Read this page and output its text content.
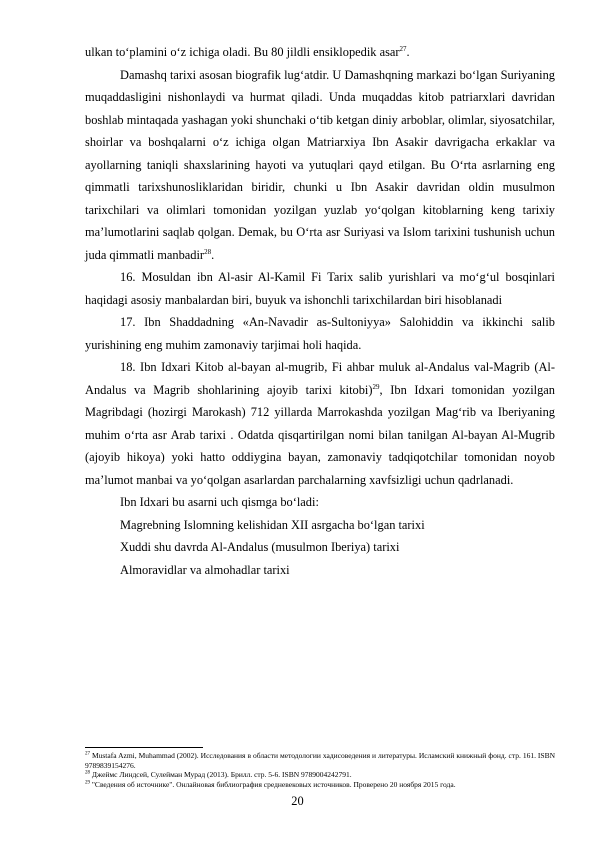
ulkan to‘plamini o‘z ichiga oladi. Bu 80 jildli ensiklopedik asar$^{27}$.

Damashq tarixi asosan biografik lug‘atdir. U Damashqning markazi bo‘lgan Suriyaning muqaddasligini nishonlaydi va hurmat qiladi. Unda muqaddas kitob patriarxlari davridan boshlab mintaqada yashagan yoki shunchaki o‘tib ketgan diniy arboblar, olimlar, siyosatchilar, shoirlar va boshqalarni o‘z ichiga olgan Matriarxiya Ibn Asakir davrigacha erkaklar va ayollarning taniqli shaxslarining hayoti va yutuqlari qayd etilgan. Bu O‘rta asrlarning eng qimmatli tarixshunosliklaridan biridir, chunki u Ibn Asakir davridan oldin musulmon tarixchilari va olimlari tomonidan yozilgan yuzlab yo‘qolgan kitoblarning keng tarixiy ma’lumotlarini saqlab qolgan. Demak, bu O‘rta asr Suriyasi va Islom tarixini tushunish uchun juda qimmatli manbadir$^{28}$.

16. Mosuldan ibn Al-asir Al-Kamil Fi Tarix salib yurishlari va mo‘g‘ul bosqinlari haqidagi asosiy manbalardan biri, buyuk va ishonchli tarixchilardan biri hisoblanadi

17. Ibn Shaddadning «An-Navadir as-Sultoniyya» Salohiddin va ikkinchi salib yurishining eng muhim zamonaviy tarjimai holi haqida.

18. Ibn Idxari Kitob al-bayan al-mugrib, Fi ahbar muluk al-Andalus val-Magrib (Al-Andalus va Magrib shohlarining ajoyib tarixi kitobi)$^{29}$, Ibn Idxari tomonidan yozilgan Magribdagi (hozirgi Marokash) 712 yillarda Marrokashda yozilgan Mag‘rib va Iberiyaning muhim o‘rta asr Arab tarixi . Odatda qisqartirilgan nomi bilan tanilgan Al-bayan Al-Mugrib (ajoyib hikoya) yoki hatto oddiygina bayan, zamonaviy tadqiqotchilar tomonidan noyob ma’lumot manbai va yo‘qolgan asarlardan parchalarning xavfsizligi uchun qadrlanadi.

Ibn Idxari bu asarni uch qismga bo‘ladi:

Magrebning Islomning kelishidan XII asrgacha bo‘lgan tarixi

Xuddi shu davrda Al-Andalus (musulmon Iberiya) tarixi

Almoravidlar va almohadlar tarixi

$^{27}$ Mustafa Azmi, Muhammad (2002). Исследования в области методологии хадисоведения и литературы. Исламский книжный фонд. стр. 161. ISBN 9789839154276.

$^{28}$ Джеймс Линдсей, Сулейман Мурад (2013). Брилл. стр. 5-6. ISBN 9789004242791.

$^{29}$ "Сведения об источнике". Онлайновая библиография средневековых источников. Проверено 20 ноября 2015 года.

20
